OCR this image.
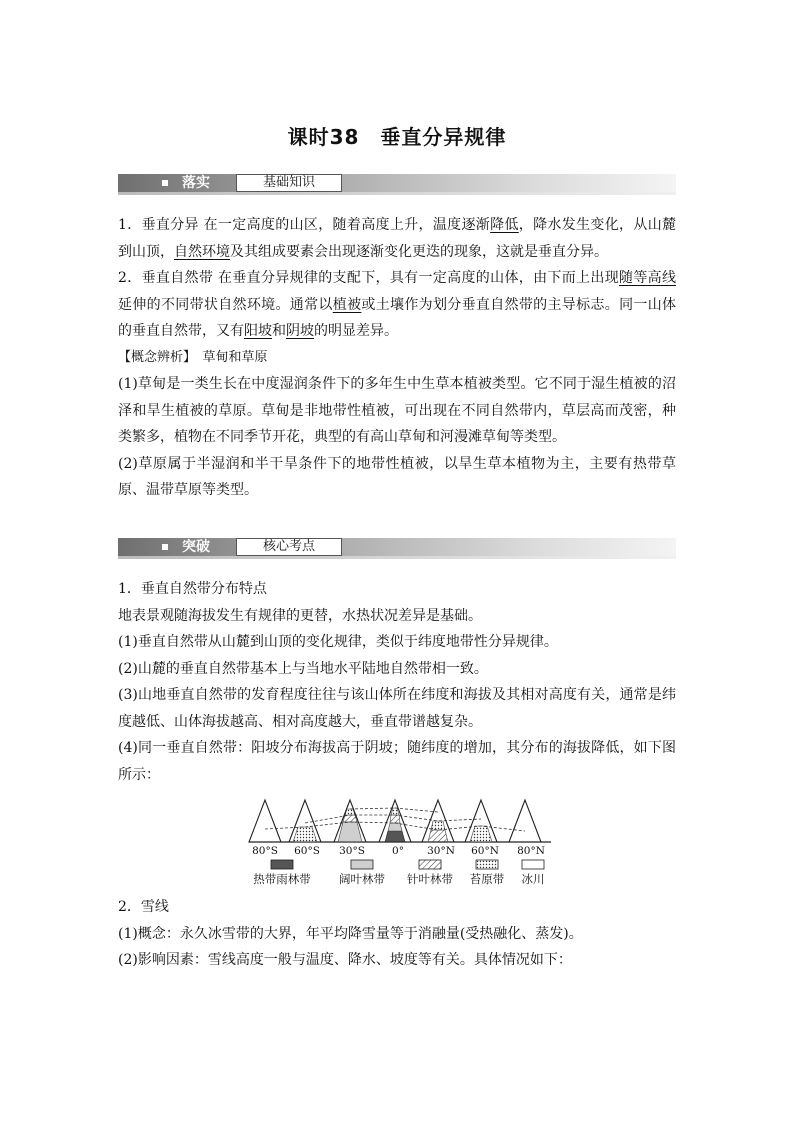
课时38　垂直分异规律
落实	基础知识

1．垂直分异 在一定高度的山区，随着高度上升，温度逐渐降低，降水发生变化，从山麓到山顶，自然环境及其组成要素会出现逐渐变化更迭的现象，这就是垂直分异。

2．垂直自然带 在垂直分异规律的支配下，具有一定高度的山体，由下而上出现随等高线延伸的不同带状自然环境。通常以植被或土壤作为划分垂直自然带的主导标志。同一山体的垂直自然带，又有阳坡和阴坡的明显差异。

【概念辨析】　草甸和草原

(1)草甸是一类生长在中度湿润条件下的多年生中生草本植被类型。它不同于湿生植被的沼泽和旱生植被的草原。草甸是非地带性植被，可出现在不同自然带内，草层高而茂密，种类繁多，植物在不同季节开花，典型的有高山草甸和河漫滩草甸等类型。

(2)草原属于半湿润和半干旱条件下的地带性植被，以旱生草本植物为主，主要有热带草原、温带草原等类型。

突破	核心考点

1．垂直自然带分布特点

地表景观随海拔发生有规律的更替，水热状况差异是基础。

(1)垂直自然带从山麓到山顶的变化规律，类似于纬度地带性分异规律。

(2)山麓的垂直自然带基本上与当地水平陆地自然带相一致。

(3)山地垂直自然带的发育程度往往与该山体所在纬度和海拔及其相对高度有关，通常是纬度越低、山体海拔越高、相对高度越大，垂直带谱越复杂。

(4)同一垂直自然带：阳坡分布海拔高于阴坡；随纬度的增加，其分布的海拔降低，如下图所示：

80°S 60°S 30°S	0° 30°N 60°N 80°N
热带雨林带 阔叶林带 针叶林带 苔原带 冰川

2．雪线

(1)概念：永久冰雪带的大界，年平均降雪量等于消融量(受热融化、蒸发)。

(2)影响因素：雪线高度一般与温度、降水、坡度等有关。具体情况如下：
